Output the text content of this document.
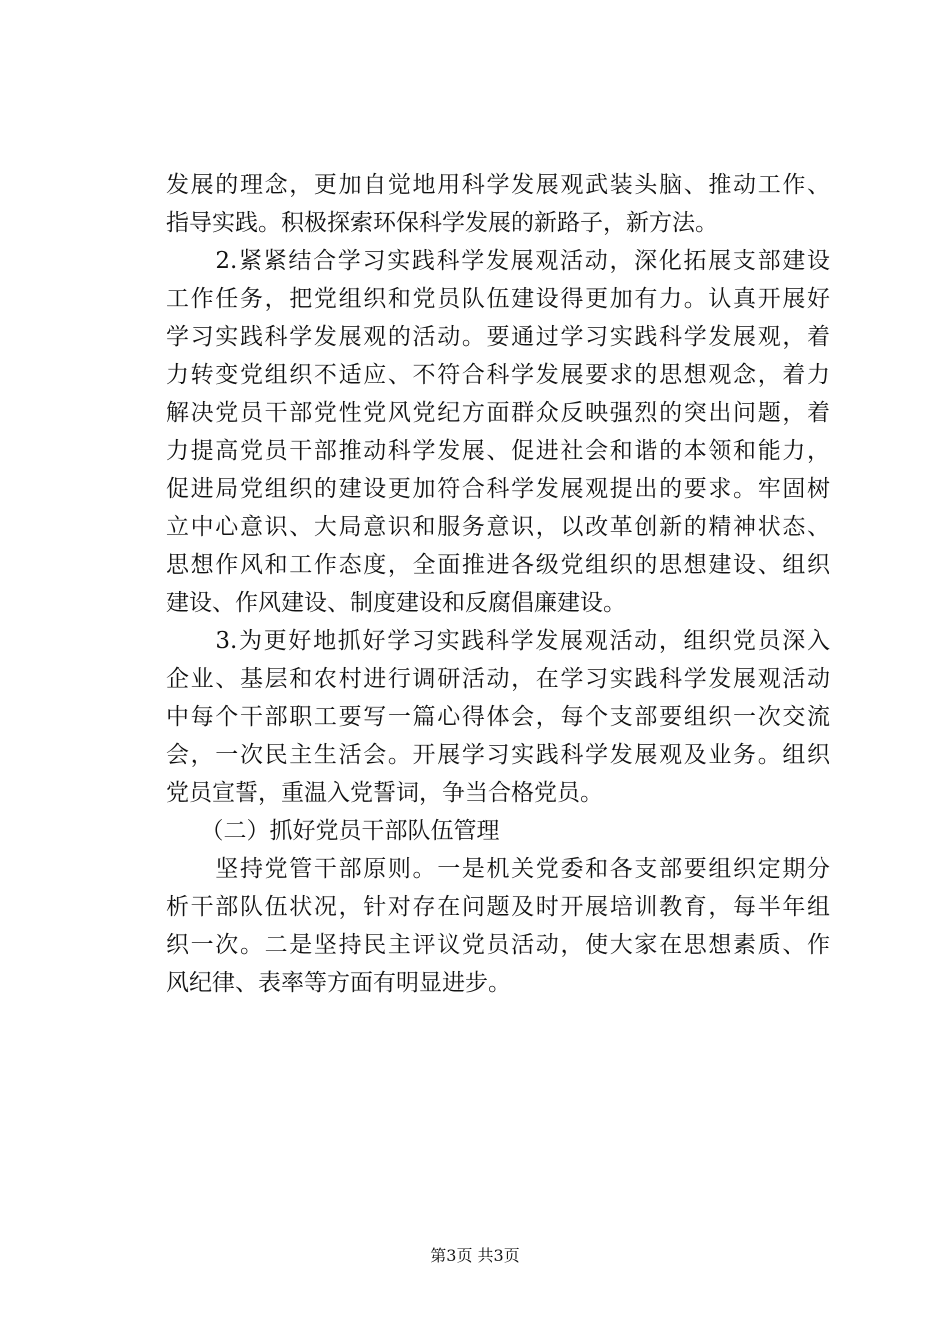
发展的理念，更加自觉地用科学发展观武装头脑、推动工作、
指导实践。积极探索环保科学发展的新路子，新方法。
　　2.紧紧结合学习实践科学发展观活动，深化拓展支部建设
工作任务，把党组织和党员队伍建设得更加有力。认真开展好
学习实践科学发展观的活动。要通过学习实践科学发展观，着
力转变党组织不适应、不符合科学发展要求的思想观念，着力
解决党员干部党性党风党纪方面群众反映强烈的突出问题，着
力提高党员干部推动科学发展、促进社会和谐的本领和能力，
促进局党组织的建设更加符合科学发展观提出的要求。牢固树
立中心意识、大局意识和服务意识，以改革创新的精神状态、
思想作风和工作态度，全面推进各级党组织的思想建设、组织
建设、作风建设、制度建设和反腐倡廉建设。
　　3.为更好地抓好学习实践科学发展观活动，组织党员深入
企业、基层和农村进行调研活动，在学习实践科学发展观活动
中每个干部职工要写一篇心得体会，每个支部要组织一次交流
会，一次民主生活会。开展学习实践科学发展观及业务。组织
党员宣誓，重温入党誓词，争当合格党员。
　　（二）抓好党员干部队伍管理
　　坚持党管干部原则。一是机关党委和各支部要组织定期分
析干部队伍状况，针对存在问题及时开展培训教育，每半年组
织一次。二是坚持民主评议党员活动，使大家在思想素质、作
风纪律、表率等方面有明显进步。
第3页 共3页
